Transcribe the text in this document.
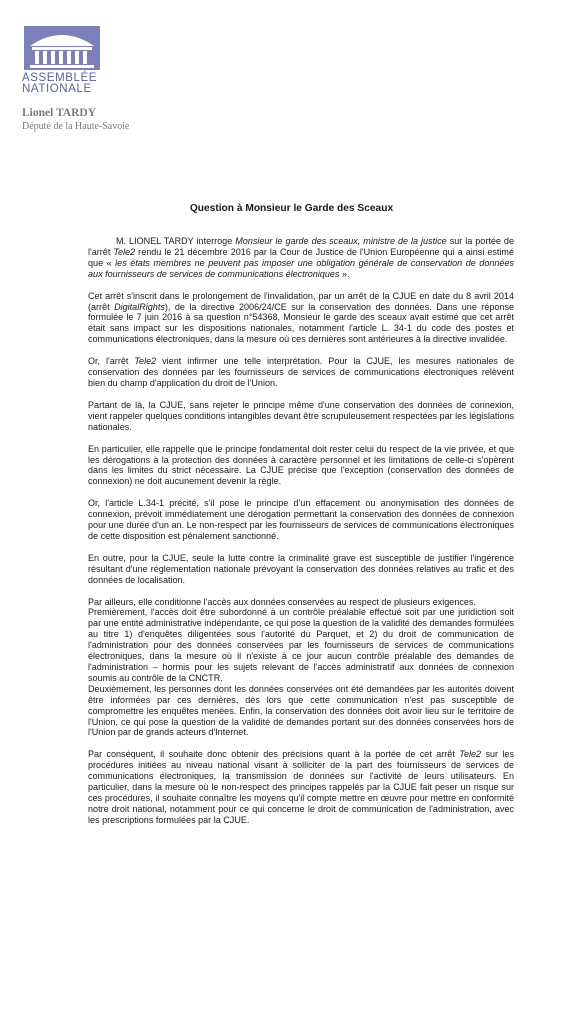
ASSEMBLÉE
NATIONALE
Lionel TARDY
Député de la Haute-Savoie
Question à Monsieur le Garde des Sceaux

M. LIONEL TARDY interroge Monsieur le garde des sceaux, ministre de la justice sur la portée de l'arrêt Tele2 rendu le 21 décembre 2016 par la Cour de Justice de l'Union Européenne qui a ainsi estimé que « les états membres ne peuvent pas imposer une obligation générale de conservation de données aux fournisseurs de services de communications électroniques ».

Cet arrêt s'inscrit dans le prolongement de l'invalidation, par un arrêt de la CJUE en date du 8 avril 2014 (arrêt DigitalRights), de la directive 2006/24/CE sur la conservation des données. Dans une réponse formulée le 7 juin 2016 à sa question n°54368, Monsieur le garde des sceaux avait estimé que cet arrêt était sans impact sur les dispositions nationales, notamment l'article L. 34-1 du code des postes et communications électroniques, dans la mesure où ces dernières sont antérieures à la directive invalidée.

Or, l'arrêt Tele2 vient infirmer une telle interprétation. Pour la CJUE, les mesures nationales de conservation des données par les fournisseurs de services de communications électroniques relèvent bien du champ d'application du droit de l'Union.

Partant de là, la CJUE, sans rejeter le principe même d'une conservation des données de connexion, vient rappeler quelques conditions intangibles devant être scrupuleusement respectées par les législations nationales.

En particulier, elle rappelle que le principe fondamental doit rester celui du respect de la vie privée, et que les dérogations à la protection des données à caractère personnel et les limitations de celle-ci s'opèrent dans les limites du strict nécessaire. La CJUE précise que l'exception (conservation des données de connexion) ne doit aucunement devenir la règle.

Or, l'article L.34-1 précité, s'il pose le principe d'un effacement ou anonymisation des données de connexion, prévoit immédiatement une dérogation permettant la conservation des données de connexion pour une durée d'un an. Le non-respect par les fournisseurs de services de communications électroniques de cette disposition est pénalement sanctionné.

En outre, pour la CJUE, seule la lutte contre la criminalité grave est susceptible de justifier l'ingérence résultant d'une réglementation nationale prévoyant la conservation des données relatives au trafic et des données de localisation.

Par ailleurs, elle conditionne l'accès aux données conservées au respect de plusieurs exigences.

Premièrement, l'accès doit être subordonné à un contrôle préalable effectué soit par une juridiction soit par une entité administrative indépendante, ce qui pose la question de la validité des demandes formulées au titre 1) d'enquêtes diligentées sous l'autorité du Parquet, et 2) du droit de communication de l'administration pour des données conservées par les fournisseurs de services de communications électroniques, dans la mesure où il n'existe à ce jour aucun contrôle préalable des demandes de l'administration – hormis pour les sujets relevant de l'accès administratif aux données de connexion soumis au contrôle de la CNCTR.

Deuxièmement, les personnes dont les données conservées ont été demandées par les autorités doivent être informées par ces dernières, dès lors que cette communication n'est pas susceptible de compromettre les enquêtes menées. Enfin, la conservation des données doit avoir lieu sur le territoire de l'Union, ce qui pose la question de la validité de demandes portant sur des données conservées hors de l'Union par de grands acteurs d'Internet.

Par conséquent, il souhaite donc obtenir des précisions quant à la portée de cet arrêt Tele2 sur les procédures initiées au niveau national visant à solliciter de la part des fournisseurs de services de communications électroniques, la transmission de données sur l'activité de leurs utilisateurs. En particulier, dans la mesure où le non-respect des principes rappelés par la CJUE fait peser un risque sur ces procédures, il souhaite connaître les moyens qu'il compte mettre en œuvre pour mettre en conformité notre droit national, notamment pour ce qui concerne le droit de communication de l'administration, avec les prescriptions formulées par la CJUE.
